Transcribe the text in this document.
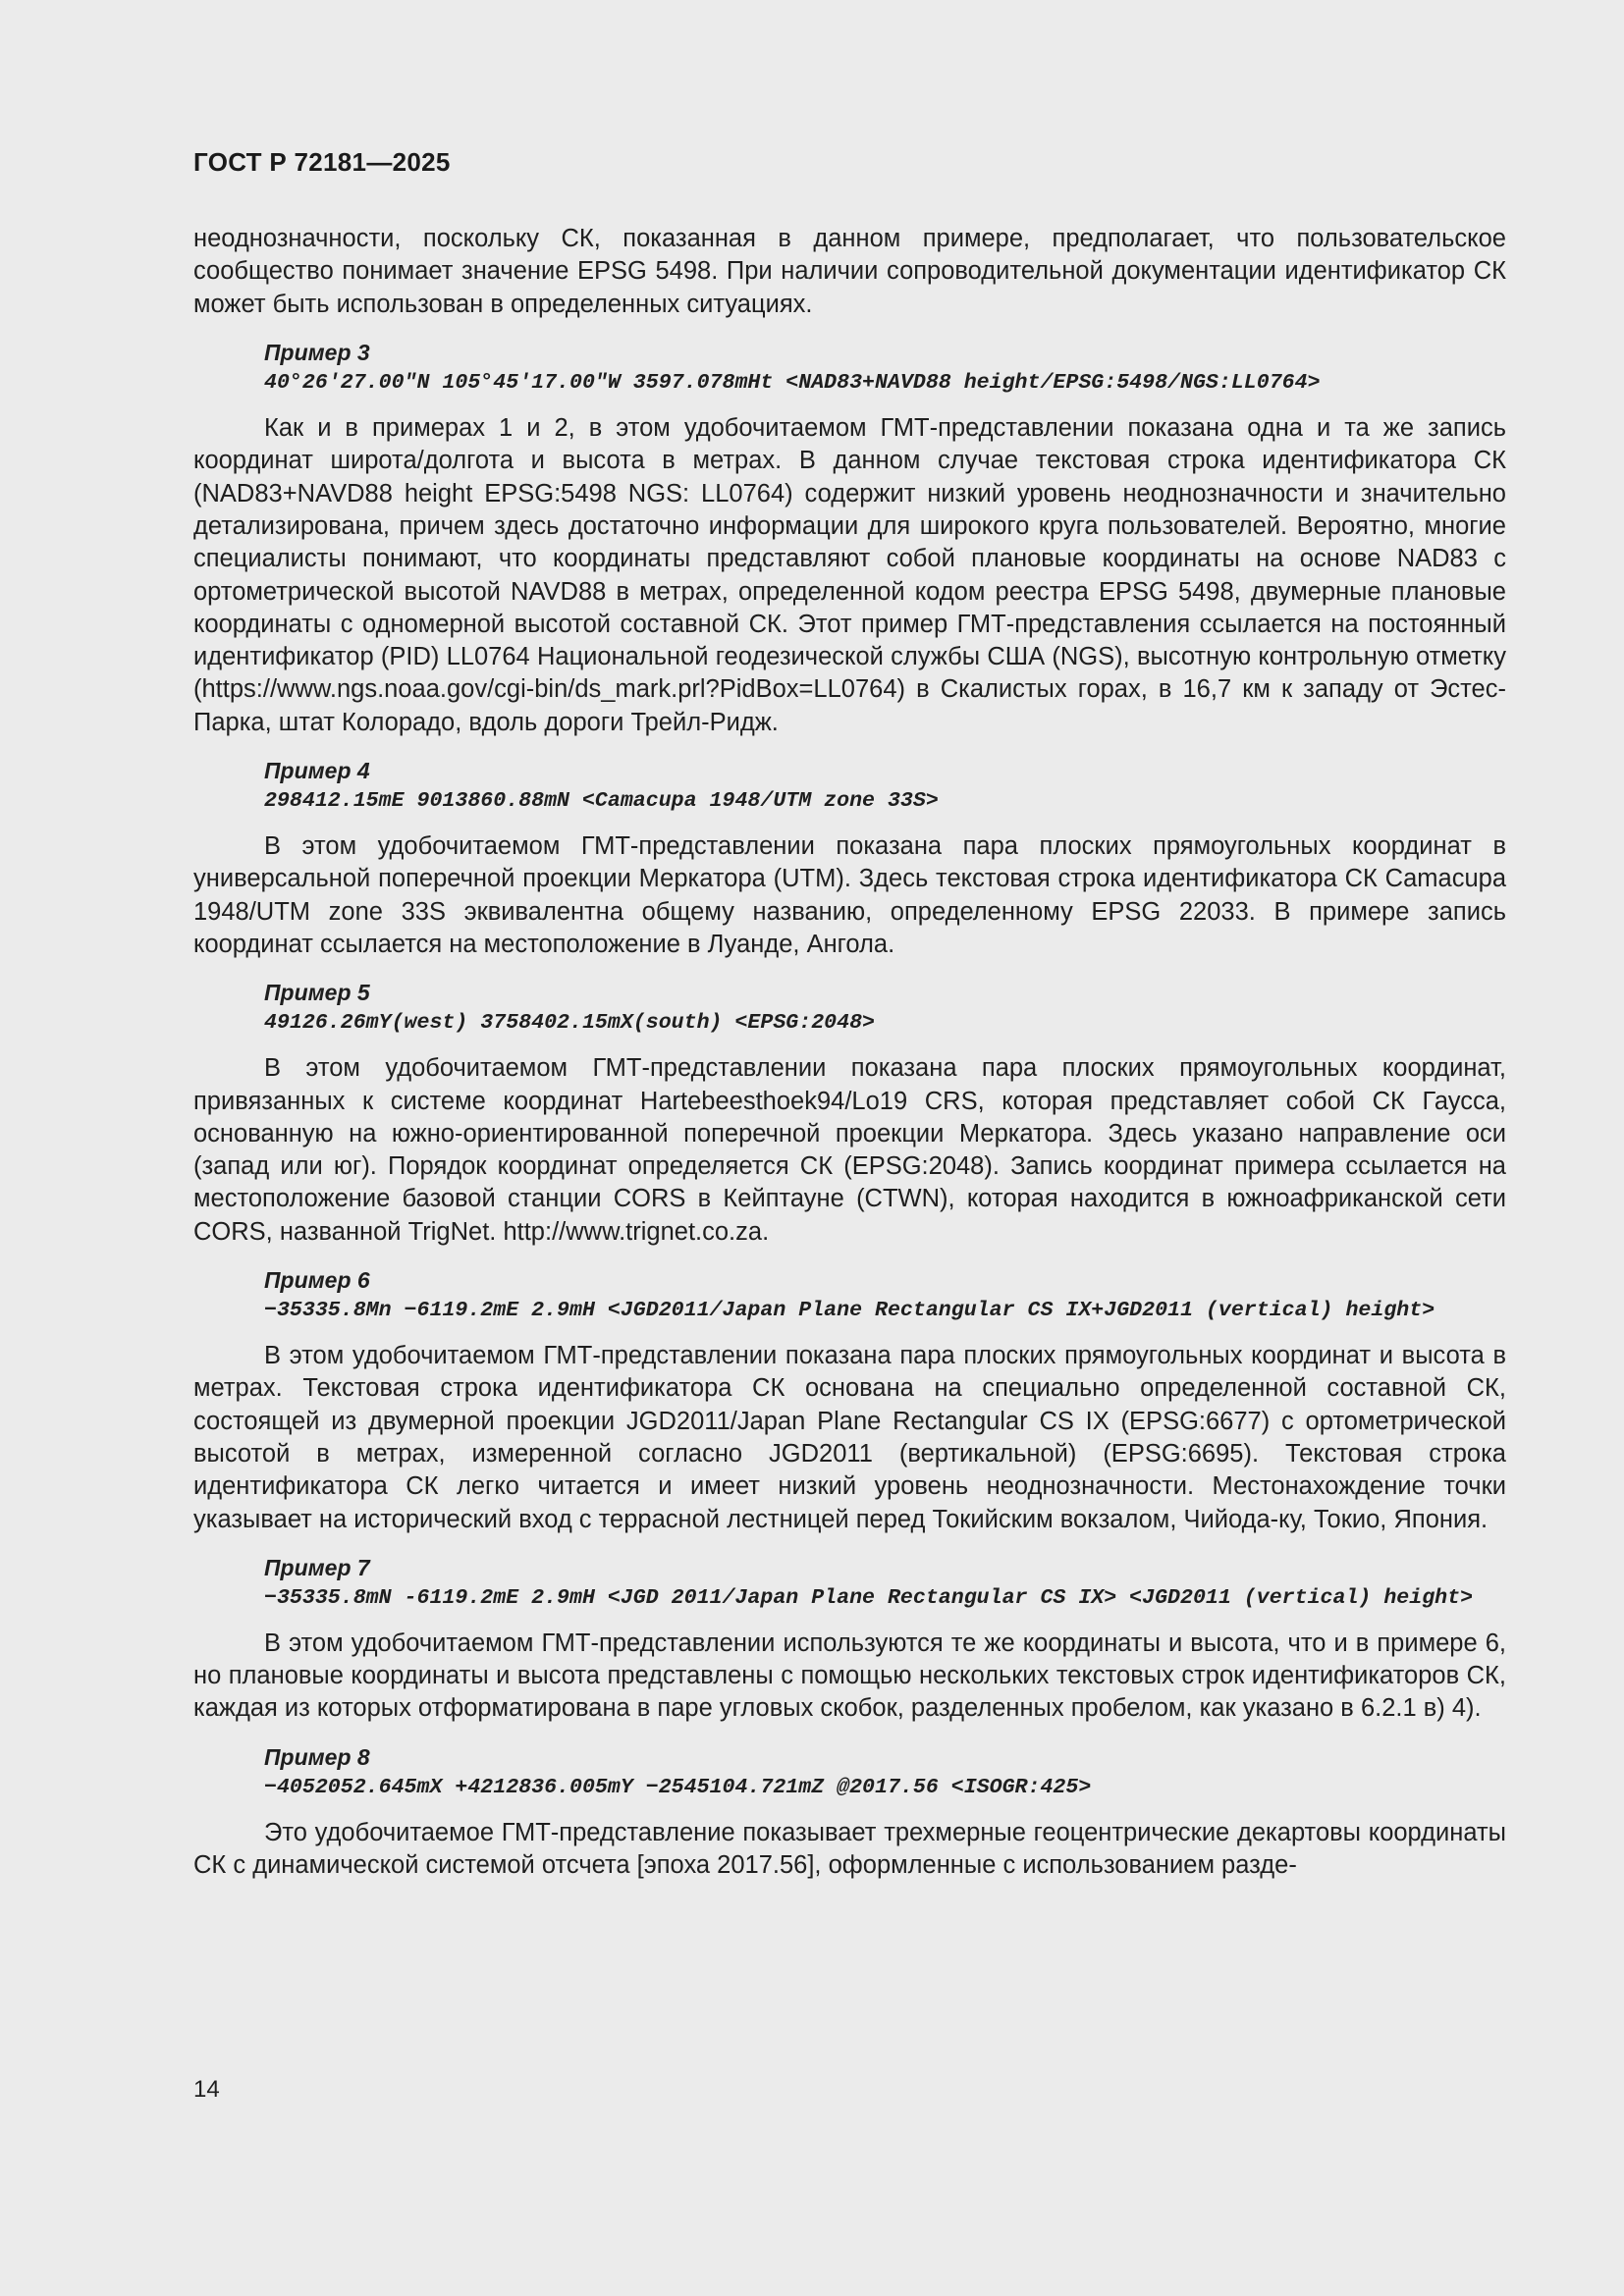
ГОСТ Р 72181—2025

неоднозначности, поскольку СК, показанная в данном примере, предполагает, что пользовательское сообщество понимает значение EPSG 5498. При наличии сопроводительной документации идентификатор СК может быть использован в определенных ситуациях.

Пример 3

40°26′27.00″N 105°45′17.00″W 3597.078mHt <NAD83+NAVD88 height/EPSG:5498/NGS:LL0764>

Как и в примерах 1 и 2, в этом удобочитаемом ГМТ-представлении показана одна и та же запись координат широта/долгота и высота в метрах. В данном случае текстовая строка идентификатора СК (NAD83+NAVD88 height EPSG:5498 NGS: LL0764) содержит низкий уровень неоднозначности и значительно детализирована, причем здесь достаточно информации для широкого круга пользователей. Вероятно, многие специалисты понимают, что координаты представляют собой плановые координаты на основе NAD83 с ортометрической высотой NAVD88 в метрах, определенной кодом реестра EPSG 5498, двумерные плановые координаты с одномерной высотой составной СК. Этот пример ГМТ-представления ссылается на постоянный идентификатор (PID) LL0764 Национальной геодезической службы США (NGS), высотную контрольную отметку (https://www.ngs.noaa.gov/cgi-bin/ds_mark.prl?PidBox=LL0764) в Скалистых горах, в 16,7 км к западу от Эстес-Парка, штат Колорадо, вдоль дороги Трейл-Ридж.

Пример 4

298412.15mE 9013860.88mN <Camacupa 1948/UTM zone 33S>

В этом удобочитаемом ГМТ-представлении показана пара плоских прямоугольных координат в универсальной поперечной проекции Меркатора (UTM). Здесь текстовая строка идентификатора СК Camacupa 1948/UTM zone 33S эквивалентна общему названию, определенному EPSG 22033. В примере запись координат ссылается на местоположение в Луанде, Ангола.

Пример 5

49126.26mY(west) 3758402.15mX(south) <EPSG:2048>

В этом удобочитаемом ГМТ-представлении показана пара плоских прямоугольных координат, привязанных к системе координат Hartebeesthoek94/Lo19 CRS, которая представляет собой СК Гаусса, основанную на южно-ориентированной поперечной проекции Меркатора. Здесь указано направление оси (запад или юг). Порядок координат определяется СК (EPSG:2048). Запись координат примера ссылается на местоположение базовой станции CORS в Кейптауне (CTWN), которая находится в южноафриканской сети CORS, названной TrigNet. http://www.trignet.co.za.

Пример 6

−35335.8Mn −6119.2mE 2.9mH <JGD2011/Japan Plane Rectangular CS IX+JGD2011 (vertical) height>

В этом удобочитаемом ГМТ-представлении показана пара плоских прямоугольных координат и высота в метрах. Текстовая строка идентификатора СК основана на специально определенной составной СК, состоящей из двумерной проекции JGD2011/Japan Plane Rectangular CS IX (EPSG:6677) с ортометрической высотой в метрах, измеренной согласно JGD2011 (вертикальной) (EPSG:6695). Текстовая строка идентификатора СК легко читается и имеет низкий уровень неоднозначности. Местонахождение точки указывает на исторический вход с террасной лестницей перед Токийским вокзалом, Чийода-ку, Токио, Япония.

Пример 7

−35335.8mN -6119.2mE 2.9mH <JGD 2011/Japan Plane Rectangular CS IX> <JGD2011 (vertical) height>

В этом удобочитаемом ГМТ-представлении используются те же координаты и высота, что и в примере 6, но плановые координаты и высота представлены с помощью нескольких текстовых строк идентификаторов СК, каждая из которых отформатирована в паре угловых скобок, разделенных пробелом, как указано в 6.2.1 в) 4).

Пример 8

−4052052.645mX +4212836.005mY −2545104.721mZ @2017.56 <ISOGR:425>

Это удобочитаемое ГМТ-представление показывает трехмерные геоцентрические декартовы координаты СК с динамической системой отсчета [эпоха 2017.56], оформленные с использованием разде-

14
